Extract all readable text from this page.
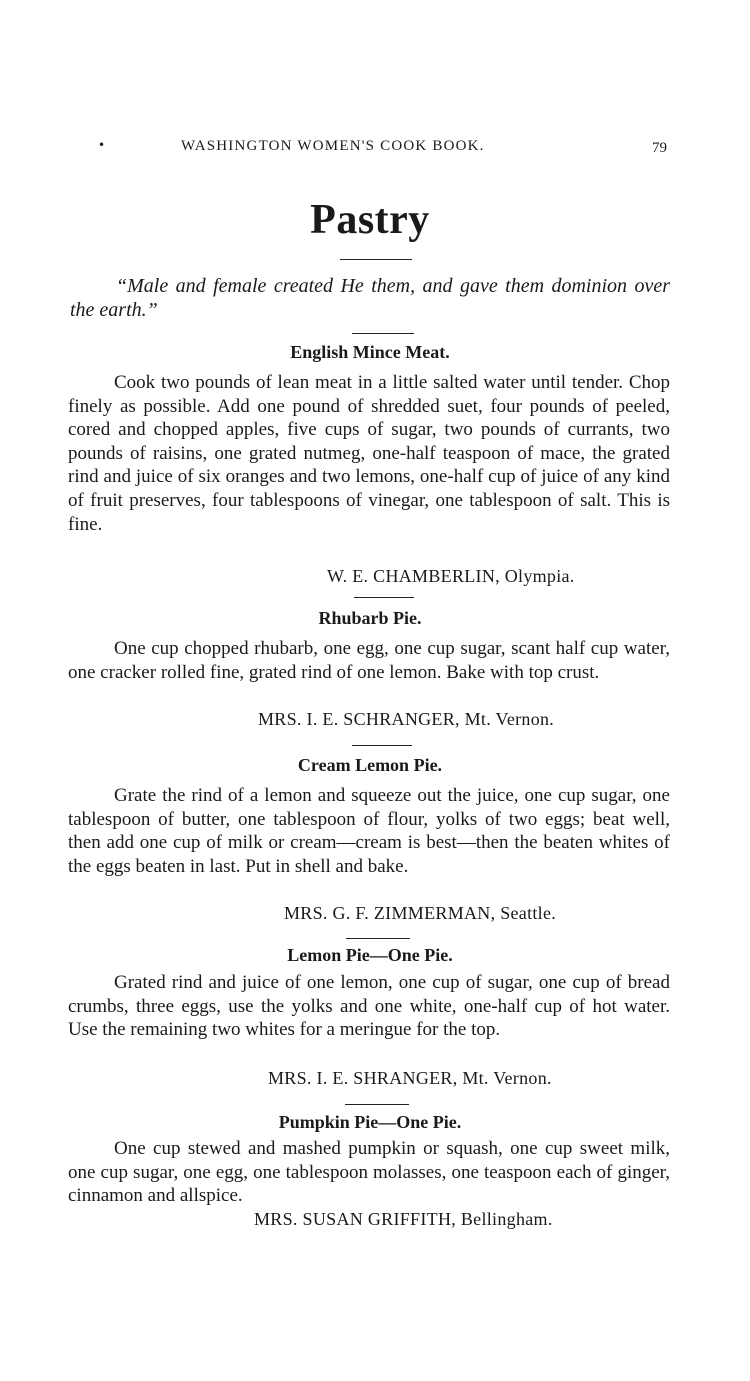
•	WASHINGTON WOMEN'S COOK BOOK.	79
Pastry
“Male and female created He them, and gave them dominion over the earth.”
English Mince Meat.
Cook two pounds of lean meat in a little salted water until tender. Chop finely as possible. Add one pound of shredded suet, four pounds of peeled, cored and chopped apples, five cups of sugar, two pounds of currants, two pounds of raisins, one grated nutmeg, one-half teaspoon of mace, the grated rind and juice of six oranges and two lemons, one-half cup of juice of any kind of fruit preserves, four tablespoons of vinegar, one tablespoon of salt. This is fine.
W. E. CHAMBERLIN, Olympia.
Rhubarb Pie.
One cup chopped rhubarb, one egg, one cup sugar, scant half cup water, one cracker rolled fine, grated rind of one lemon. Bake with top crust.
MRS. I. E. SCHRANGER, Mt. Vernon.
Cream Lemon Pie.
Grate the rind of a lemon and squeeze out the juice, one cup sugar, one tablespoon of butter, one tablespoon of flour, yolks of two eggs; beat well, then add one cup of milk or cream—cream is best—then the beaten whites of the eggs beaten in last. Put in shell and bake.
MRS. G. F. ZIMMERMAN, Seattle.
Lemon Pie—One Pie.
Grated rind and juice of one lemon, one cup of sugar, one cup of bread crumbs, three eggs, use the yolks and one white, one-half cup of hot water. Use the remaining two whites for a meringue for the top.
MRS. I. E. SHRANGER, Mt. Vernon.
Pumpkin Pie—One Pie.
One cup stewed and mashed pumpkin or squash, one cup sweet milk, one cup sugar, one egg, one tablespoon molasses, one teaspoon each of ginger, cinnamon and allspice.
MRS. SUSAN GRIFFITH, Bellingham.
